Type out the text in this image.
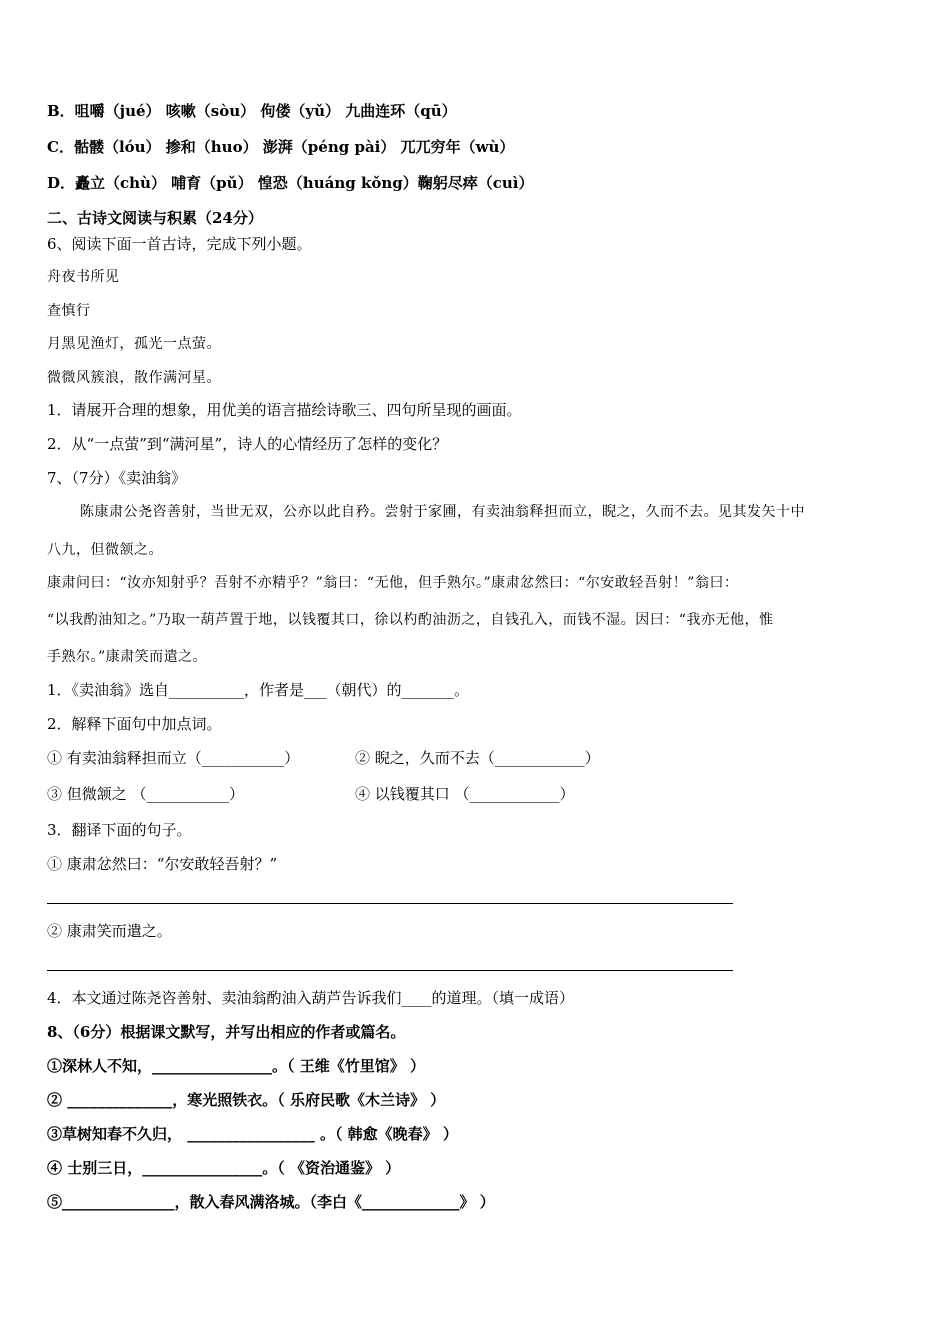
B．咀嚼（jué） 咳嗽（sòu） 佝偻（yǔ） 九曲连环（qū）
C．骷髅（lóu） 掺和（huo） 澎湃（péng pài） 兀兀穷年（wù）
D．矗立（chù） 哺育（pǔ） 惶恐（huáng kǒng）鞠躬尽瘁（cuì）
二、古诗文阅读与积累（24分）
6、阅读下面一首古诗，完成下列小题。
舟夜书所见
查慎行
月黑见渔灯，孤光一点萤。
微微风簇浪，散作满河星。
1．请展开合理的想象，用优美的语言描绘诗歌三、四句所呈现的画面。
2．从“一点萤”到“满河星”，诗人的心情经历了怎样的变化？
7、（7分）《卖油翁》
陈康肃公尧咨善射，当世无双，公亦以此自矜。尝射于家圃，有卖油翁释担而立，睨之，久而不去。见其发矢十中
八九，但微颔之。
康肃问曰：“汝亦知射乎？吾射不亦精乎？”翁曰：“无他，但手熟尔。”康肃忿然曰：“尔安敢轻吾射！”翁曰：
“以我酌油知之。”乃取一葫芦置于地，以钱覆其口，徐以杓酌油沥之，自钱孔入，而钱不湿。因曰：“我亦无他，惟
手熟尔。”康肃笑而遣之。
1．《卖油翁》选自__________，作者是___（朝代）的_______。
2．解释下面句中加点词。
① 有卖油翁释担而立（___________）	② 睨之，久而不去（____________）
③ 但微颔之 （___________）	④ 以钱覆其口 （____________）
3．翻译下面的句子。
① 康肃忿然曰：“尔安敢轻吾射？”
② 康肃笑而遣之。
4．本文通过陈尧咨善射、卖油翁酌油入葫芦告诉我们____的道理。（填一成语）
8、（6分）根据课文默写，并写出相应的作者或篇名。
①深林人不知，________________。（ 王维《竹里馆》 ）
② ______________，寒光照铁衣。（ 乐府民歌《木兰诗》 ）
③草树知春不久归， _________________ 。（ 韩愈《晚春》 ）
④ 士别三日，________________。（ 《资治通鉴》 ）
⑤_______________，散入春风满洛城。（李白《_____________》 ）
